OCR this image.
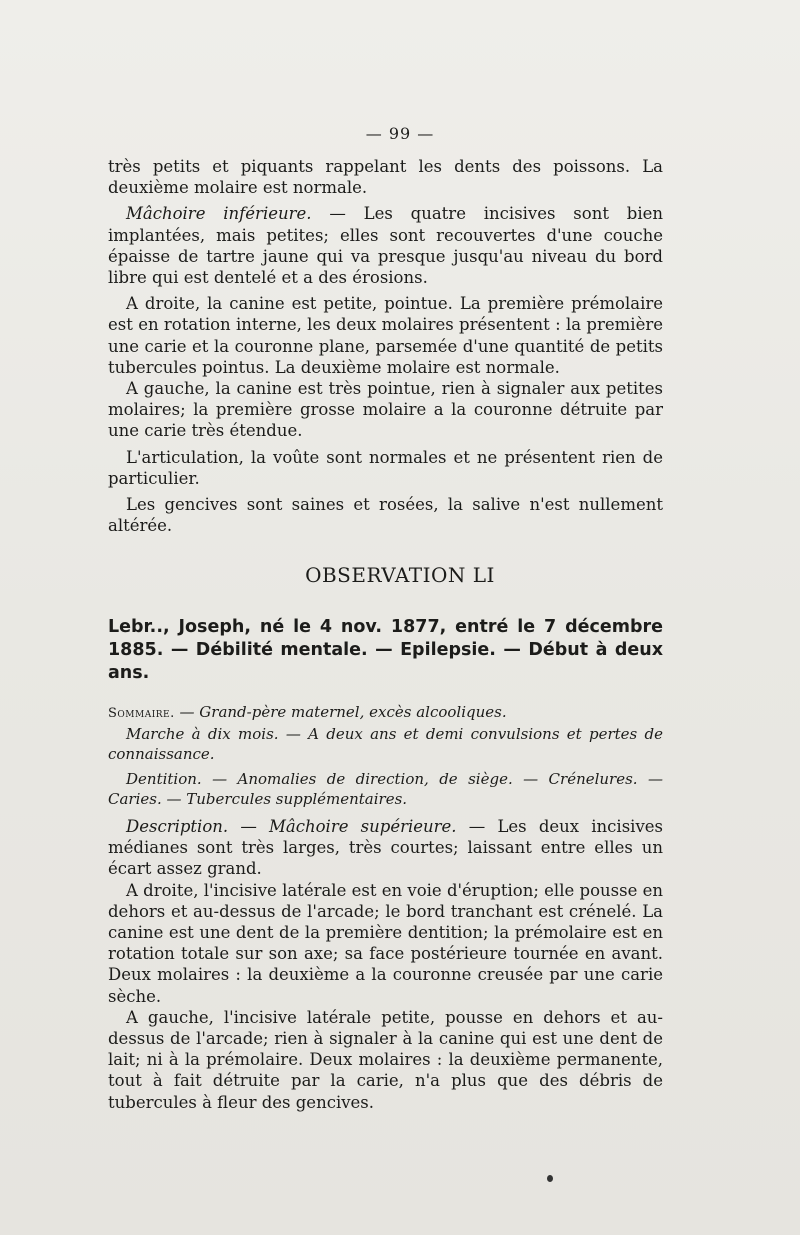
— 99 —

très petits et piquants rappelant les dents des poissons. La deuxième molaire est normale.

Mâchoire inférieure. — Les quatre incisives sont bien implantées, mais petites; elles sont recouvertes d'une couche épaisse de tartre jaune qui va presque jusqu'au niveau du bord libre qui est dentelé et a des érosions.

A droite, la canine est petite, pointue. La première prémolaire est en rotation interne, les deux molaires présentent : la première une carie et la couronne plane, parsemée d'une quantité de petits tubercules pointus. La deuxième molaire est normale.

A gauche, la canine est très pointue, rien à signaler aux petites molaires; la première grosse molaire a la couronne détruite par une carie très étendue.

L'articulation, la voûte sont normales et ne présentent rien de particulier.

Les gencives sont saines et rosées, la salive n'est nullement altérée.

OBSERVATION LI
Lebr.., Joseph, né le 4 nov. 1877, entré le 7 décembre 1885. — Débilité mentale. — Epilepsie. — Début à deux ans.

Sommaire. — Grand-père maternel, excès alcooliques.

Marche à dix mois. — A deux ans et demi convulsions et pertes de connaissance.

Dentition. — Anomalies de direction, de siège. — Crénelures. — Caries. — Tubercules supplémentaires.

Description. — Mâchoire supérieure. — Les deux incisives médianes sont très larges, très courtes; laissant entre elles un écart assez grand.

A droite, l'incisive latérale est en voie d'éruption; elle pousse en dehors et au-dessus de l'arcade; le bord tranchant est crénelé. La canine est une dent de la première dentition; la prémolaire est en rotation totale sur son axe; sa face postérieure tournée en avant. Deux molaires : la deuxième a la couronne creusée par une carie sèche.

A gauche, l'incisive latérale petite, pousse en dehors et au-dessus de l'arcade; rien à signaler à la canine qui est une dent de lait; ni à la prémolaire. Deux molaires : la deuxième permanente, tout à fait détruite par la carie, n'a plus que des débris de tubercules à fleur des gencives.
